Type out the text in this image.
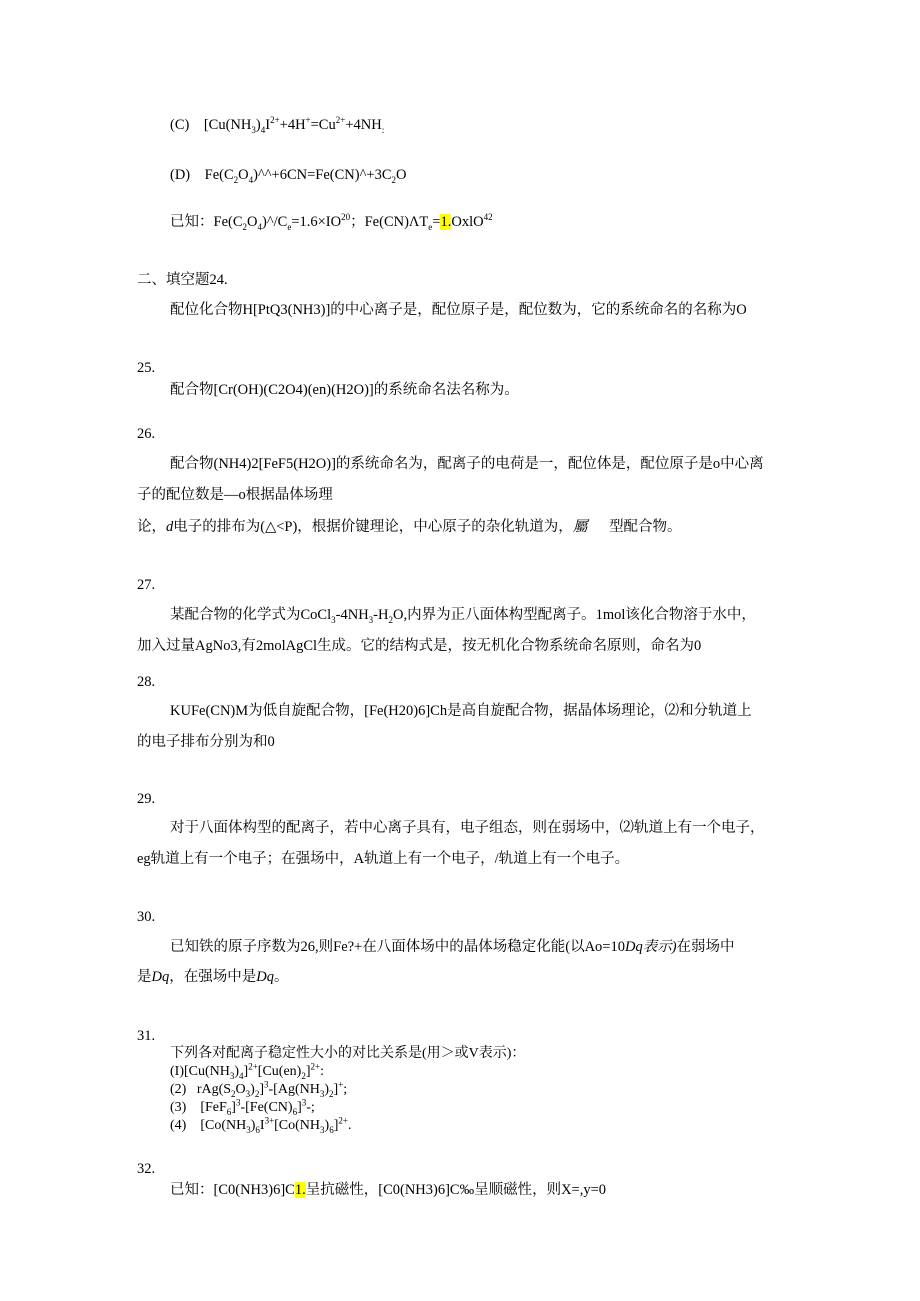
(C)    [$Cu(NH_3)_4I^{2+}+4H^+=Cu^{2+}+4NH_:$
(D)    $Fe(C_2O_4)\^{}\^{}+6CN=Fe(CN)\^{}+3C_2O$
已知：$Fe(C_2O_4)\^{}/C_e=1.6\times IO^{20}$；$Fe(CN)\Lambda T_e=1.OxlO^{42}$
二、填空题24.
配位化合物H[PtQ3(NH3)]的中心离子是，配位原子是，配位数为，它的系统命名的名称为O
25.
配合物[Cr(OH)(C2O4)(en)(H2O)]的系统命名法名称为。
26.
配合物(NH4)2[FeF5(H2O)]的系统命名为，配离子的电荷是一，配位体是，配位原子是o中心离
子的配位数是—o根据晶体场理
论，d电子的排布为(△<P)，根据价键理论，中心原子的杂化轨道为，屬 型配合物。
27.
某配合物的化学式为$CoCl_3-4NH_3-H_2O$,内界为正八面体构型配离子。1mol该化合物溶于水中，
加入过量AgNo3,有2molAgCl生成。它的结构式是，按无机化合物系统命名原则，命名为0
28.
KUFe(CN)M为低自旋配合物，[Fe(H20)6]Ch是高自旋配合物，据晶体场理论，⑵和分轨道上
的电子排布分别为和0
29.
对于八面体构型的配离子，若中心离子具有，电子组态，则在弱场中，⑵轨道上有一个电子，
eg轨道上有一个电子；在强场中，A轨道上有一个电子，/轨道上有一个电子。
30.
已知铁的原子序数为26,则Fe?+在八面体场中的晶体场稳定化能(以Ao=10Dq表示)在弱场中
是Dq，在强场中是Dq。
31.
下列各对配离子稳定性大小的对比关系是(用＞或V表示)：
$(I)[Cu(NH_3)_4]^{2+}[Cu(en)_2]^{2+}$:
(2)   $rAg(S_2O_3)_2]^3-[Ag(NH_3)_2]^+$;
(3)    $[FeF_6]^3-[Fe(CN)_6]^3-$;
(4)    [$Co(NH_3)_6I^{3+}[Co(NH_3)_6]^{2+}$.
32.
已知：[C0(NH3)6]C1.呈抗磁性，[C0(NH3)6]C‰呈顺磁性，则X=,y=0
